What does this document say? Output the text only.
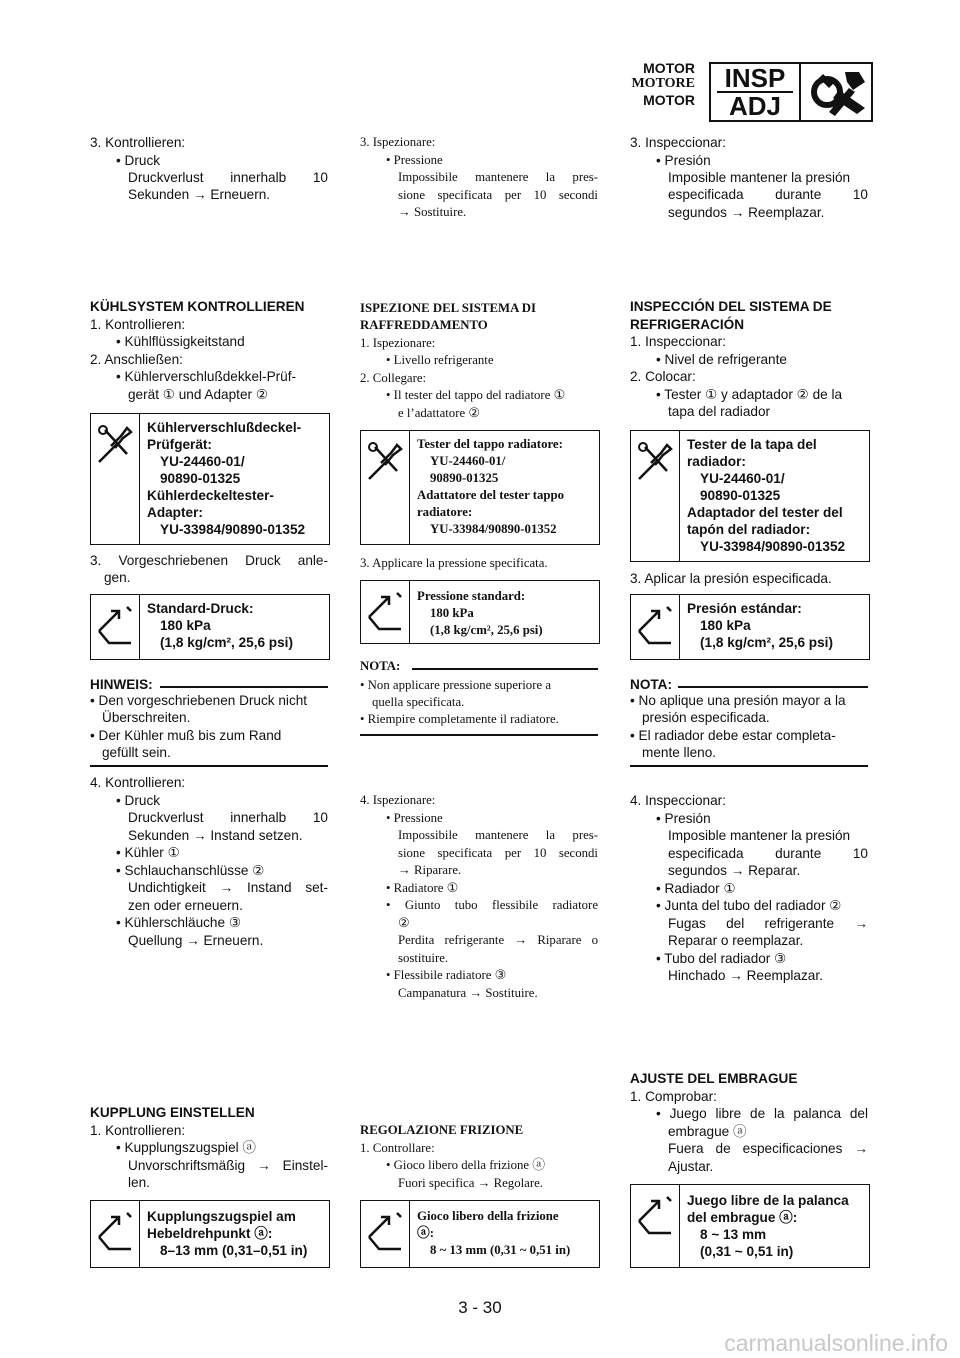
MOTOR
MOTORE
MOTOR
INSP
ADJ
3. Kontrollieren:
• Druck
Druckverlust innerhalb 10
Sekunden → Erneuern.
KÜHLSYSTEM KONTROLLIEREN
1. Kontrollieren:
• Kühlflüssigkeitstand
2. Anschließen:
• Kühlerverschlußdekkel-Prüf-
gerät ① und Adapter ②
Kühlerverschlußdeckel-
Prüfgerät:
YU-24460-01/
90890-01325
Kühlerdeckeltester-
Adapter:
YU-33984/90890-01352
3. Vorgeschriebenen Druck anle-
gen.
Standard-Druck:
180 kPa
(1,8 kg/cm², 25,6 psi)
HINWEIS:
• Den vorgeschriebenen Druck nicht
Überschreiten.
• Der Kühler muß bis zum Rand
gefüllt sein.
4. Kontrollieren:
• Druck
Druckverlust innerhalb 10
Sekunden → Instand setzen.
• Kühler ①
• Schlauchanschlüsse ②
Undichtigkeit → Instand set-
zen oder erneuern.
• Kühlerschläuche ③
Quellung → Erneuern.
KUPPLUNG EINSTELLEN
1. Kontrollieren:
• Kupplungszugspiel ⓐ
Unvorschriftsmäßig → Einstel-
len.
Kupplungszugspiel am
Hebeldrehpunkt ⓐ:
8–13 mm (0,31–0,51 in)
3. Ispezionare:
• Pressione
Impossibile mantenere la pres-
sione specificata per 10 secondi
→ Sostituire.
ISPEZIONE DEL SISTEMA DI
RAFFREDDAMENTO
1. Ispezionare:
• Livello refrigerante
2. Collegare:
• Il tester del tappo del radiatore ①
e l’adattatore ②
Tester del tappo radiatore:
YU-24460-01/
90890-01325
Adattatore del tester tappo
radiatore:
YU-33984/90890-01352
3. Applicare la pressione specificata.
Pressione standard:
180 kPa
(1,8 kg/cm², 25,6 psi)
NOTA:
• Non applicare pressione superiore a
quella specificata.
• Riempire completamente il radiatore.
4. Ispezionare:
• Pressione
Impossibile mantenere la pres-
sione specificata per 10 secondi
→ Riparare.
• Radiatore ①
• Giunto tubo flessibile radiatore
②
Perdita refrigerante → Riparare o
sostituire.
• Flessibile radiatore ③
Campanatura → Sostituire.
REGOLAZIONE FRIZIONE
1. Controllare:
• Gioco libero della frizione ⓐ
Fuori specifica → Regolare.
Gioco libero della frizione
ⓐ:
8 ~ 13 mm (0,31 ~ 0,51 in)
3. Inspeccionar:
• Presión
Imposible mantener la presión
especificada durante 10
segundos → Reemplazar.
INSPECCIÓN DEL SISTEMA DE
REFRIGERACIÓN
1. Inspeccionar:
• Nivel de refrigerante
2. Colocar:
• Tester ① y adaptador ② de la
tapa del radiador
Tester de la tapa del
radiador:
YU-24460-01/
90890-01325
Adaptador del tester del
tapón del radiador:
YU-33984/90890-01352
3. Aplicar la presión especificada.
Presión estándar:
180 kPa
(1,8 kg/cm², 25,6 psi)
NOTA:
• No aplique una presión mayor a la
presión especificada.
• El radiador debe estar completa-
mente lleno.
4. Inspeccionar:
• Presión
Imposible mantener la presión
especificada durante 10
segundos → Reparar.
• Radiador ①
• Junta del tubo del radiador ②
Fugas del refrigerante →
Reparar o reemplazar.
• Tubo del radiador ③
Hinchado → Reemplazar.
AJUSTE DEL EMBRAGUE
1. Comprobar:
• Juego libre de la palanca del
embrague ⓐ
Fuera de especificaciones →
Ajustar.
Juego libre de la palanca
del embrague ⓐ:
8 ~ 13 mm
(0,31 ~ 0,51 in)
3 - 30
carmanualsonline.info
